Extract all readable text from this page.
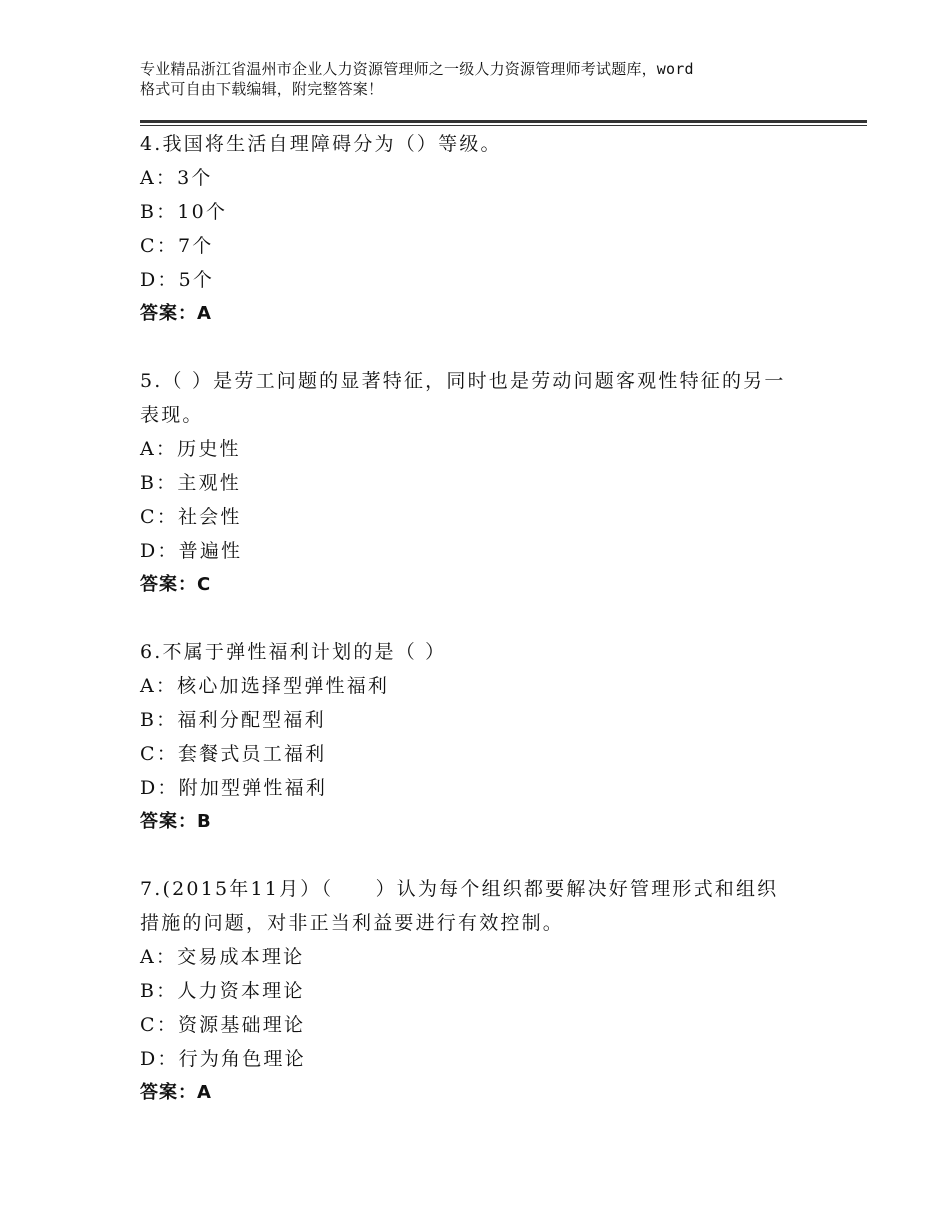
专业精品浙江省温州市企业人力资源管理师之一级人力资源管理师考试题库，word
格式可自由下载编辑，附完整答案！
4.我国将生活自理障碍分为（）等级。
A：3个
B：10个
C：7个
D：5个
答案：A
5.（ ）是劳工问题的显著特征，同时也是劳动问题客观性特征的另一
表现。
A：历史性
B：主观性
C：社会性
D：普遍性
答案：C
6.不属于弹性福利计划的是（ ）
A：核心加选择型弹性福利
B：福利分配型福利
C：套餐式员工福利
D：附加型弹性福利
答案：B
7.(2015年11月）（　　）认为每个组织都要解决好管理形式和组织
措施的问题，对非正当利益要进行有效控制。
A：交易成本理论
B：人力资本理论
C：资源基础理论
D：行为角色理论
答案：A
